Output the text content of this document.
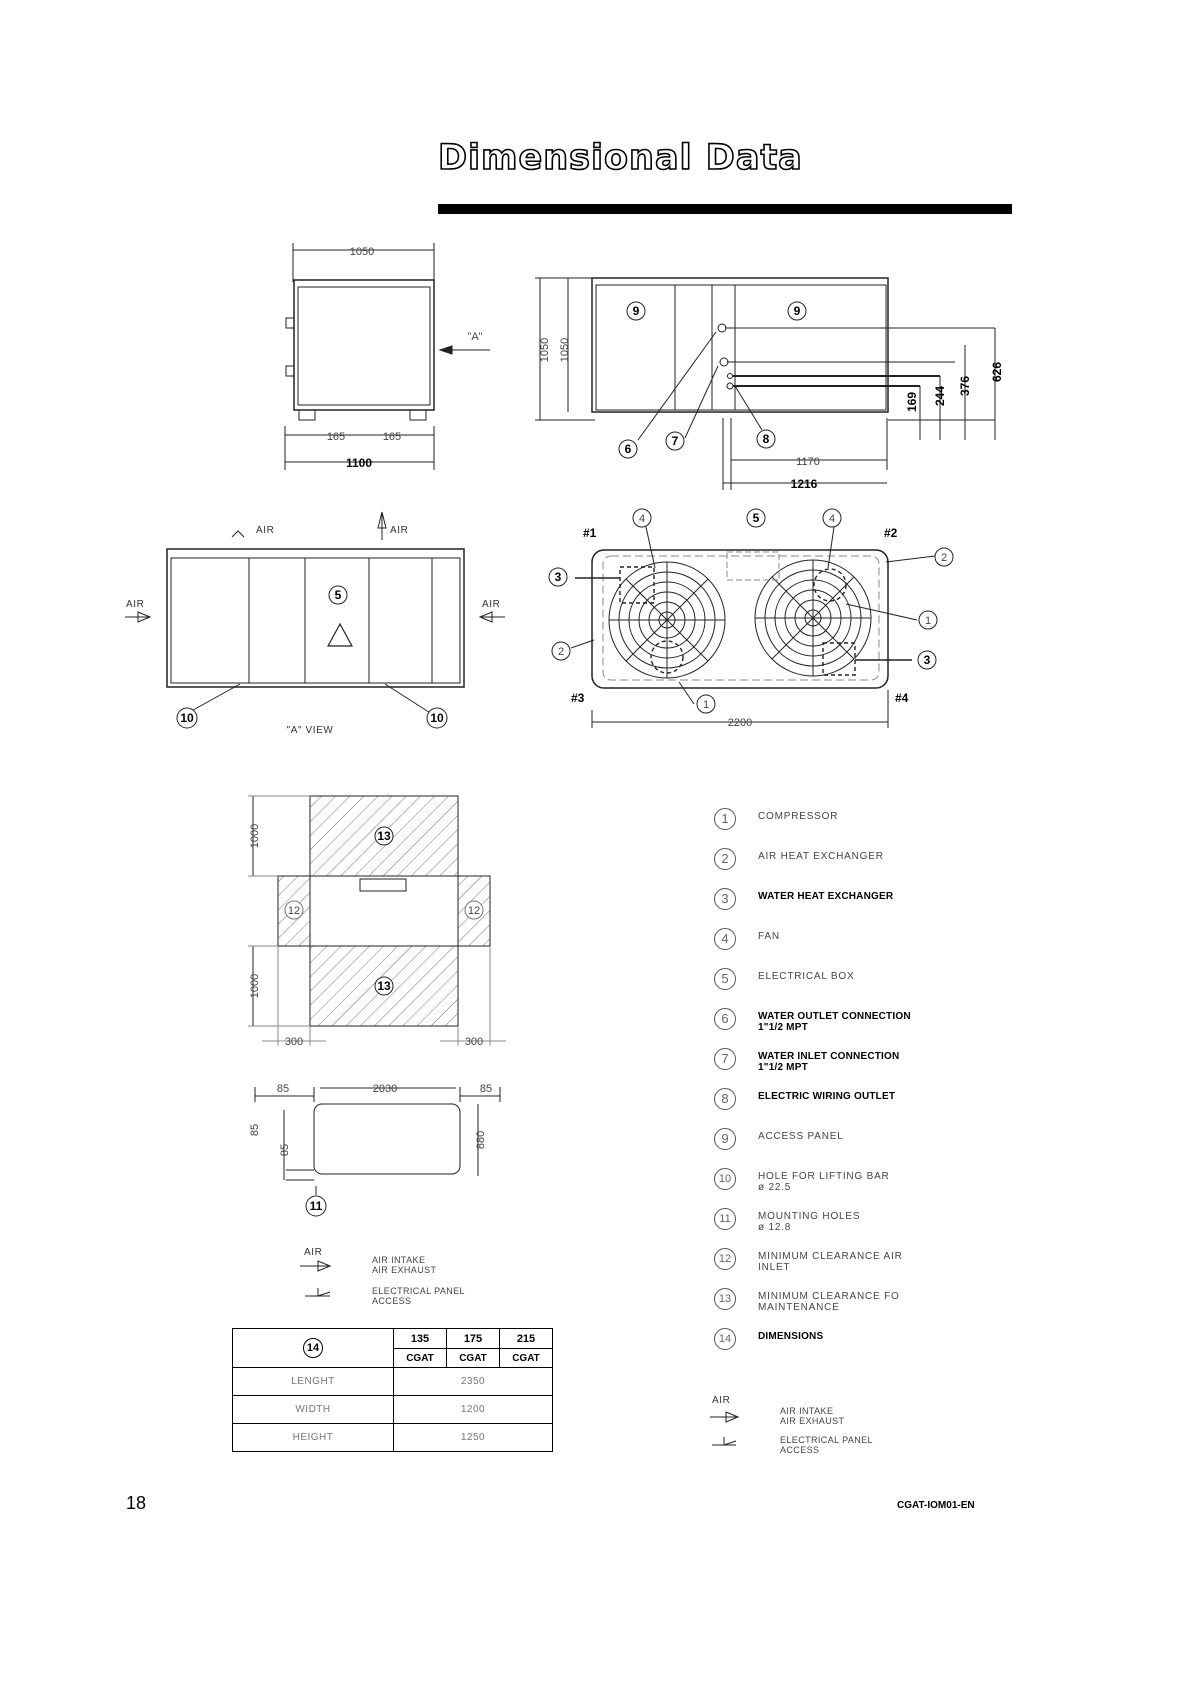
Dimensional Data
1050
"A"
165	165
1100
1050 1050
9	9
6
7	8
169 244 376
626
1170
1216
AIR	AIR
AIR	AIR
5
10	10
"A" VIEW
#1	#2
#3	#4
4	5	4
3
2
1
3
2
1
2200
1000
1000
300	300
13
13
12	12
85	2030	85
85
85
880
11
AIR
AIR
AIR INTAKE
AIR EXHAUST
ELECTRICAL PANEL
ACCESS
AIR INTAKE
AIR EXHAUST
ELECTRICAL PANEL
ACCESS
14	135	175	215
	CGAT	CGAT	CGAT
LENGHT	2350		
WIDTH	1200		
HEIGHT	1250		
1	COMPRESSOR
2	AIR HEAT EXCHANGER
3	WATER HEAT EXCHANGER
4	FAN
5	ELECTRICAL BOX
6	WATER OUTLET CONNECTION
1"1/2 MPT
7	WATER INLET CONNECTION
1"1/2 MPT
8	ELECTRIC WIRING OUTLET
9	ACCESS PANEL
10	HOLE FOR LIFTING BAR
ø 22.5
11	MOUNTING HOLES
ø 12.8
12	MINIMUM CLEARANCE AIR
INLET
13	MINIMUM CLEARANCE FO
MAINTENANCE
14	DIMENSIONS
18	CGAT-IOM01-EN
